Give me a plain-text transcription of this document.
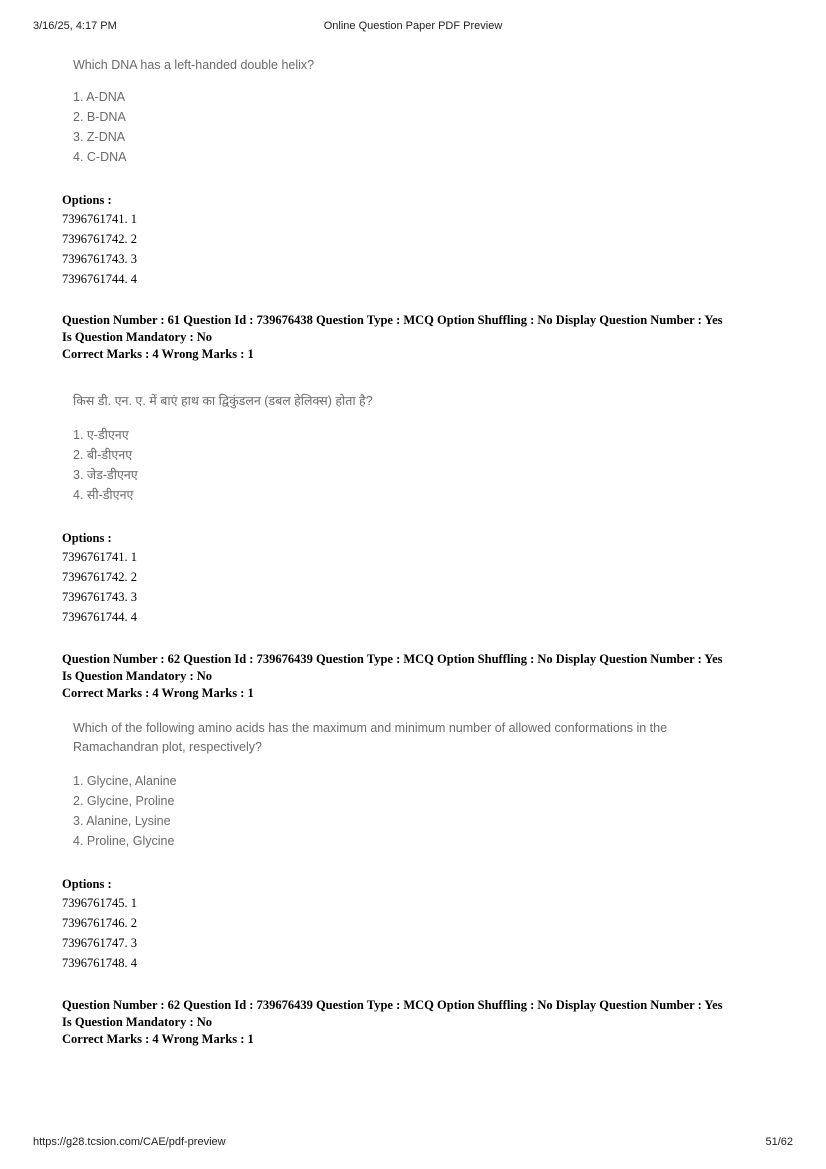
3/16/25, 4:17 PM	Online Question Paper PDF Preview
Which DNA has a left-handed double helix?
1. A-DNA
2. B-DNA
3. Z-DNA
4. C-DNA
Options :
7396761741. 1
7396761742. 2
7396761743. 3
7396761744. 4
Question Number : 61 Question Id : 739676438 Question Type : MCQ Option Shuffling : No Display Question Number : Yes
Is Question Mandatory : No
Correct Marks : 4 Wrong Marks : 1
किस डी. एन. ए. में बाएं हाथ का द्विकुंडलन (डबल हेलिक्स) होता है?
1. ए-डीएनए
2. बी-डीएनए
3. जेड-डीएनए
4. सी-डीएनए
Options :
7396761741. 1
7396761742. 2
7396761743. 3
7396761744. 4
Question Number : 62 Question Id : 739676439 Question Type : MCQ Option Shuffling : No Display Question Number : Yes
Is Question Mandatory : No
Correct Marks : 4 Wrong Marks : 1
Which of the following amino acids has the maximum and minimum number of allowed conformations in the
Ramachandran plot, respectively?
1. Glycine, Alanine
2. Glycine, Proline
3. Alanine, Lysine
4. Proline, Glycine
Options :
7396761745. 1
7396761746. 2
7396761747. 3
7396761748. 4
Question Number : 62 Question Id : 739676439 Question Type : MCQ Option Shuffling : No Display Question Number : Yes
Is Question Mandatory : No
Correct Marks : 4 Wrong Marks : 1
https://g28.tcsion.com/CAE/pdf-preview	51/62
